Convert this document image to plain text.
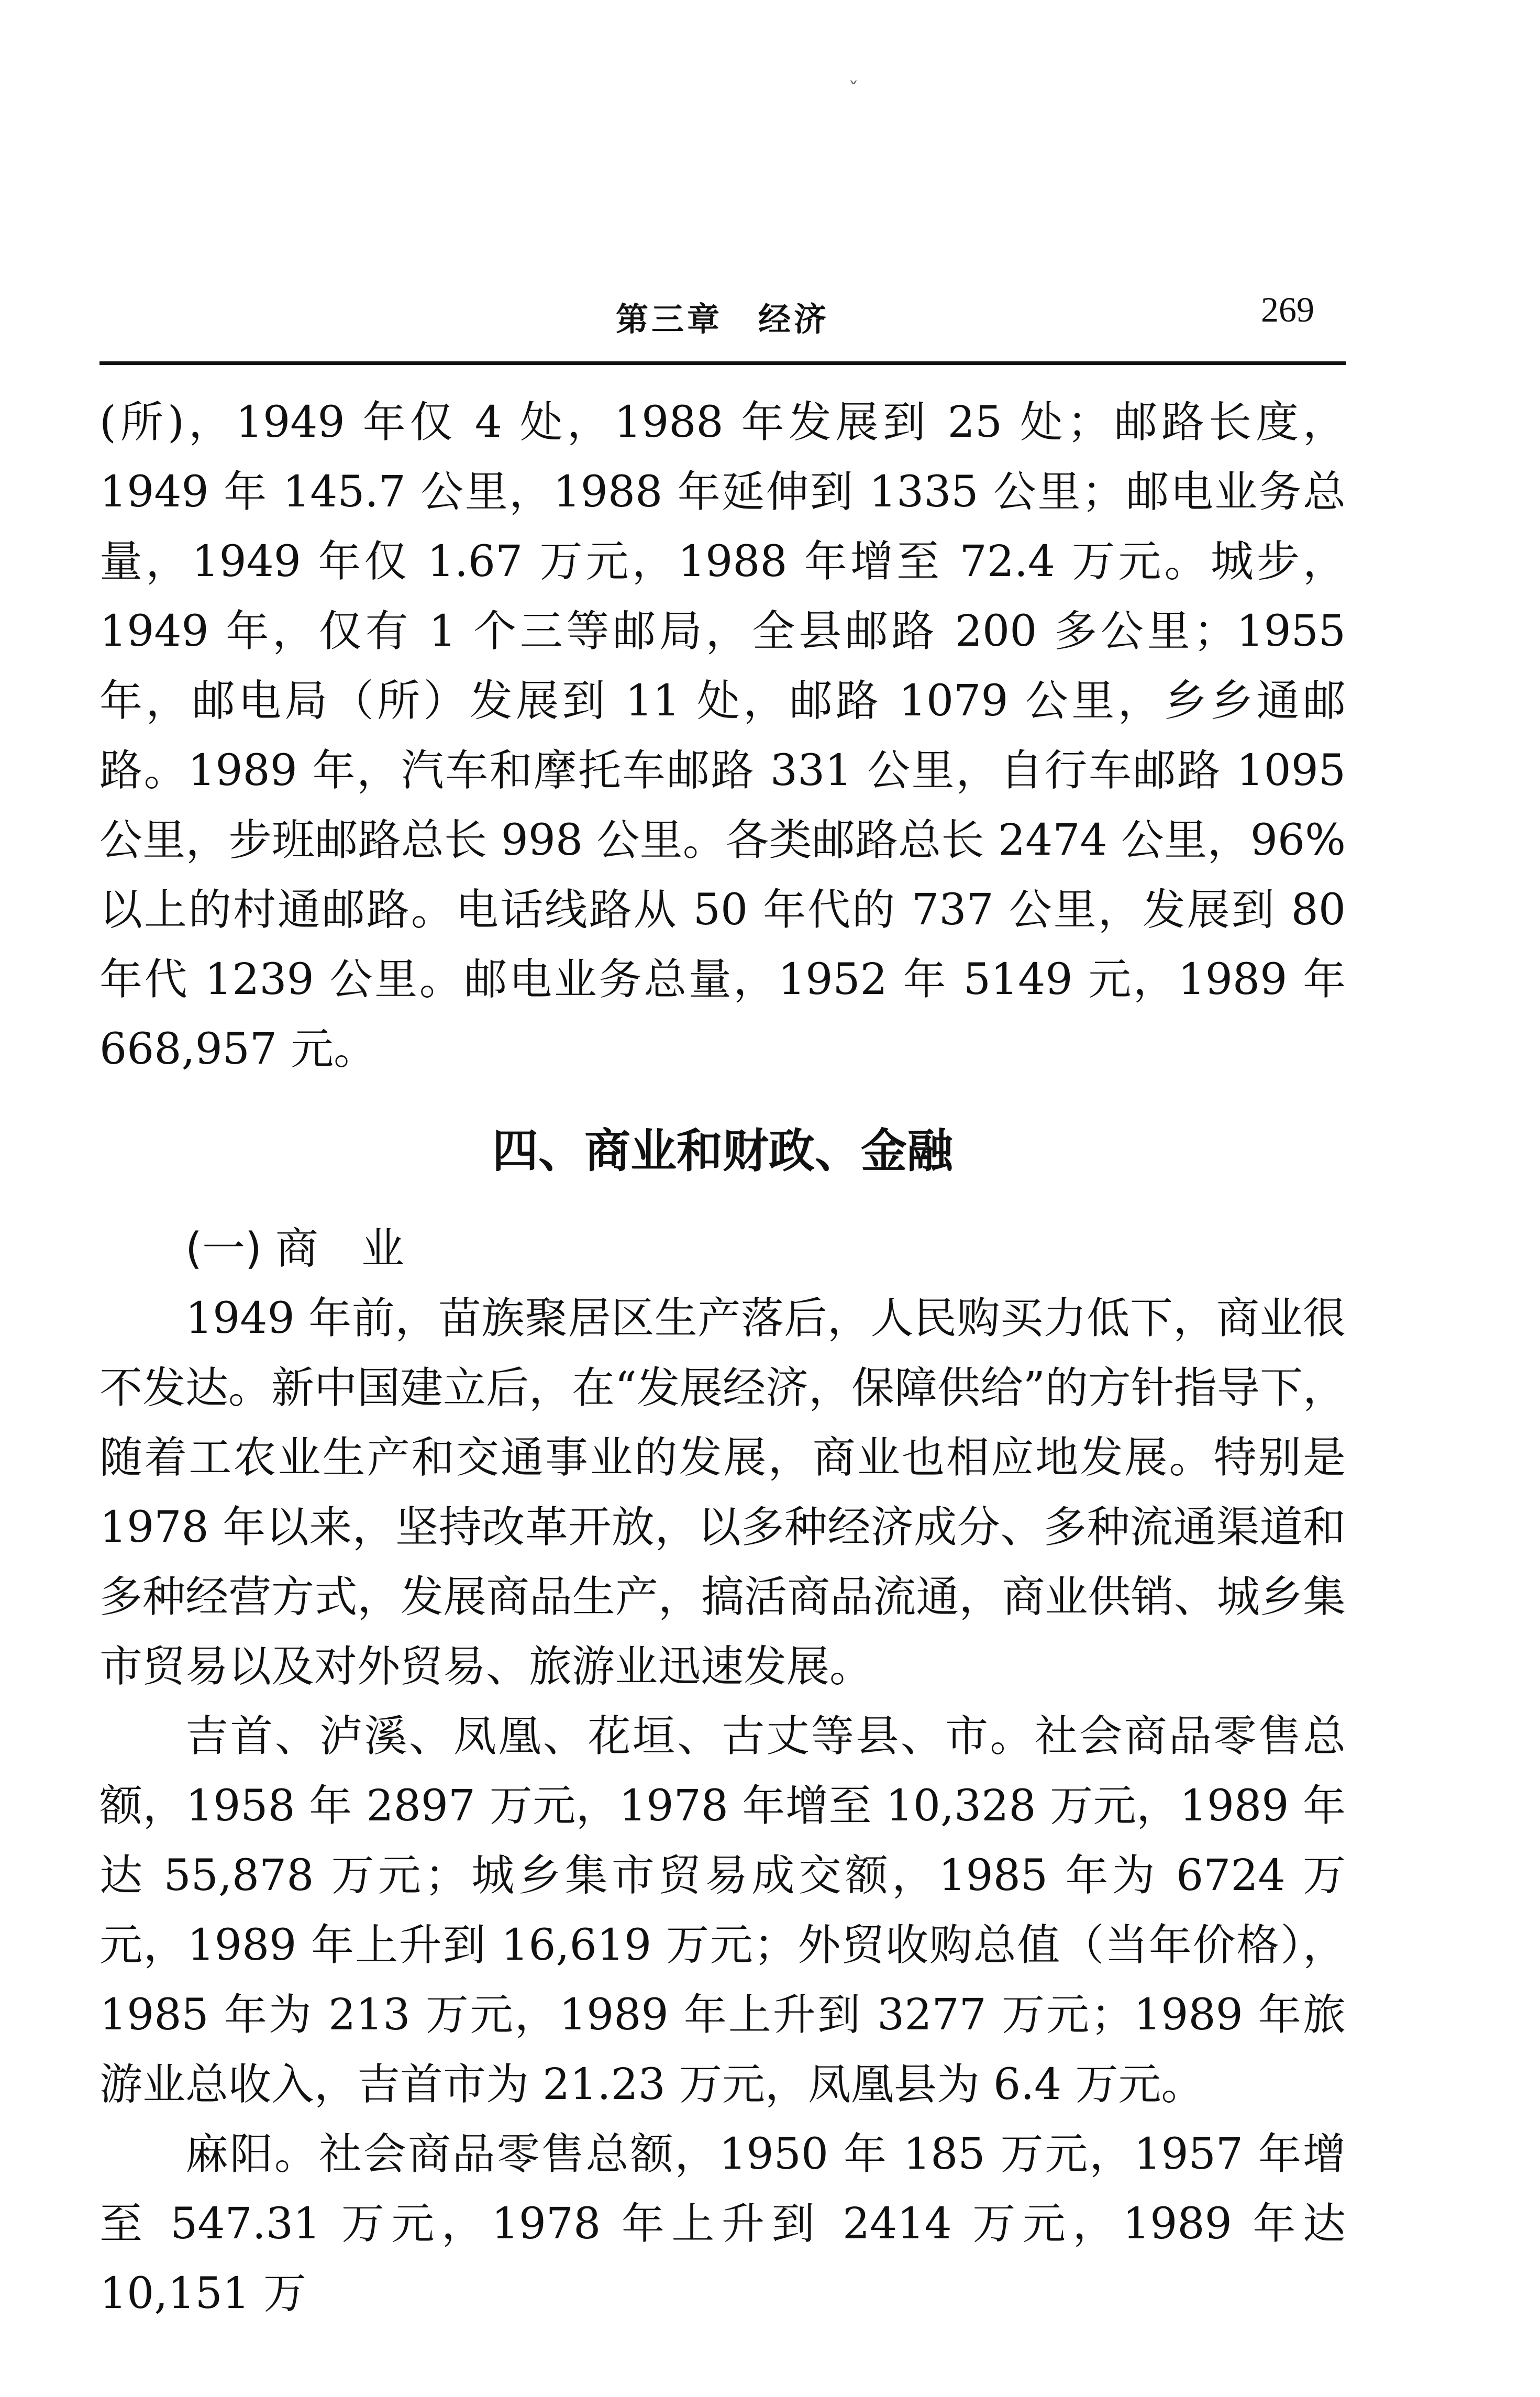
ˇ
第三章　经济	269

(所)，1949 年仅 4 处，1988 年发展到 25 处；邮路长度，1949 年 145.7 公里，1988 年延伸到 1335 公里；邮电业务总量，1949 年仅 1.67 万元，1988 年增至 72.4 万元。城步，1949 年，仅有 1 个三等邮局，全县邮路 200 多公里；1955 年，邮电局（所）发展到 11 处，邮路 1079 公里，乡乡通邮路。1989 年，汽车和摩托车邮路 331 公里，自行车邮路 1095 公里，步班邮路总长 998 公里。各类邮路总长 2474 公里，96%以上的村通邮路。电话线路从 50 年代的 737 公里，发展到 80 年代 1239 公里。邮电业务总量，1952 年 5149 元，1989 年 668,957 元。

四、商业和财政、金融
(一) 商　业

1949 年前，苗族聚居区生产落后，人民购买力低下，商业很不发达。新中国建立后，在“发展经济，保障供给”的方针指导下，随着工农业生产和交通事业的发展，商业也相应地发展。特别是 1978 年以来，坚持改革开放，以多种经济成分、多种流通渠道和多种经营方式，发展商品生产，搞活商品流通，商业供销、城乡集市贸易以及对外贸易、旅游业迅速发展。

吉首、泸溪、凤凰、花垣、古丈等县、市。社会商品零售总额，1958 年 2897 万元，1978 年增至 10,328 万元，1989 年达 55,878 万元；城乡集市贸易成交额，1985 年为 6724 万元，1989 年上升到 16,619 万元；外贸收购总值（当年价格），1985 年为 213 万元，1989 年上升到 3277 万元；1989 年旅游业总收入，吉首市为 21.23 万元，凤凰县为 6.4 万元。

麻阳。社会商品零售总额，1950 年 185 万元，1957 年增至 547.31 万元，1978 年上升到 2414 万元，1989 年达 10,151 万
